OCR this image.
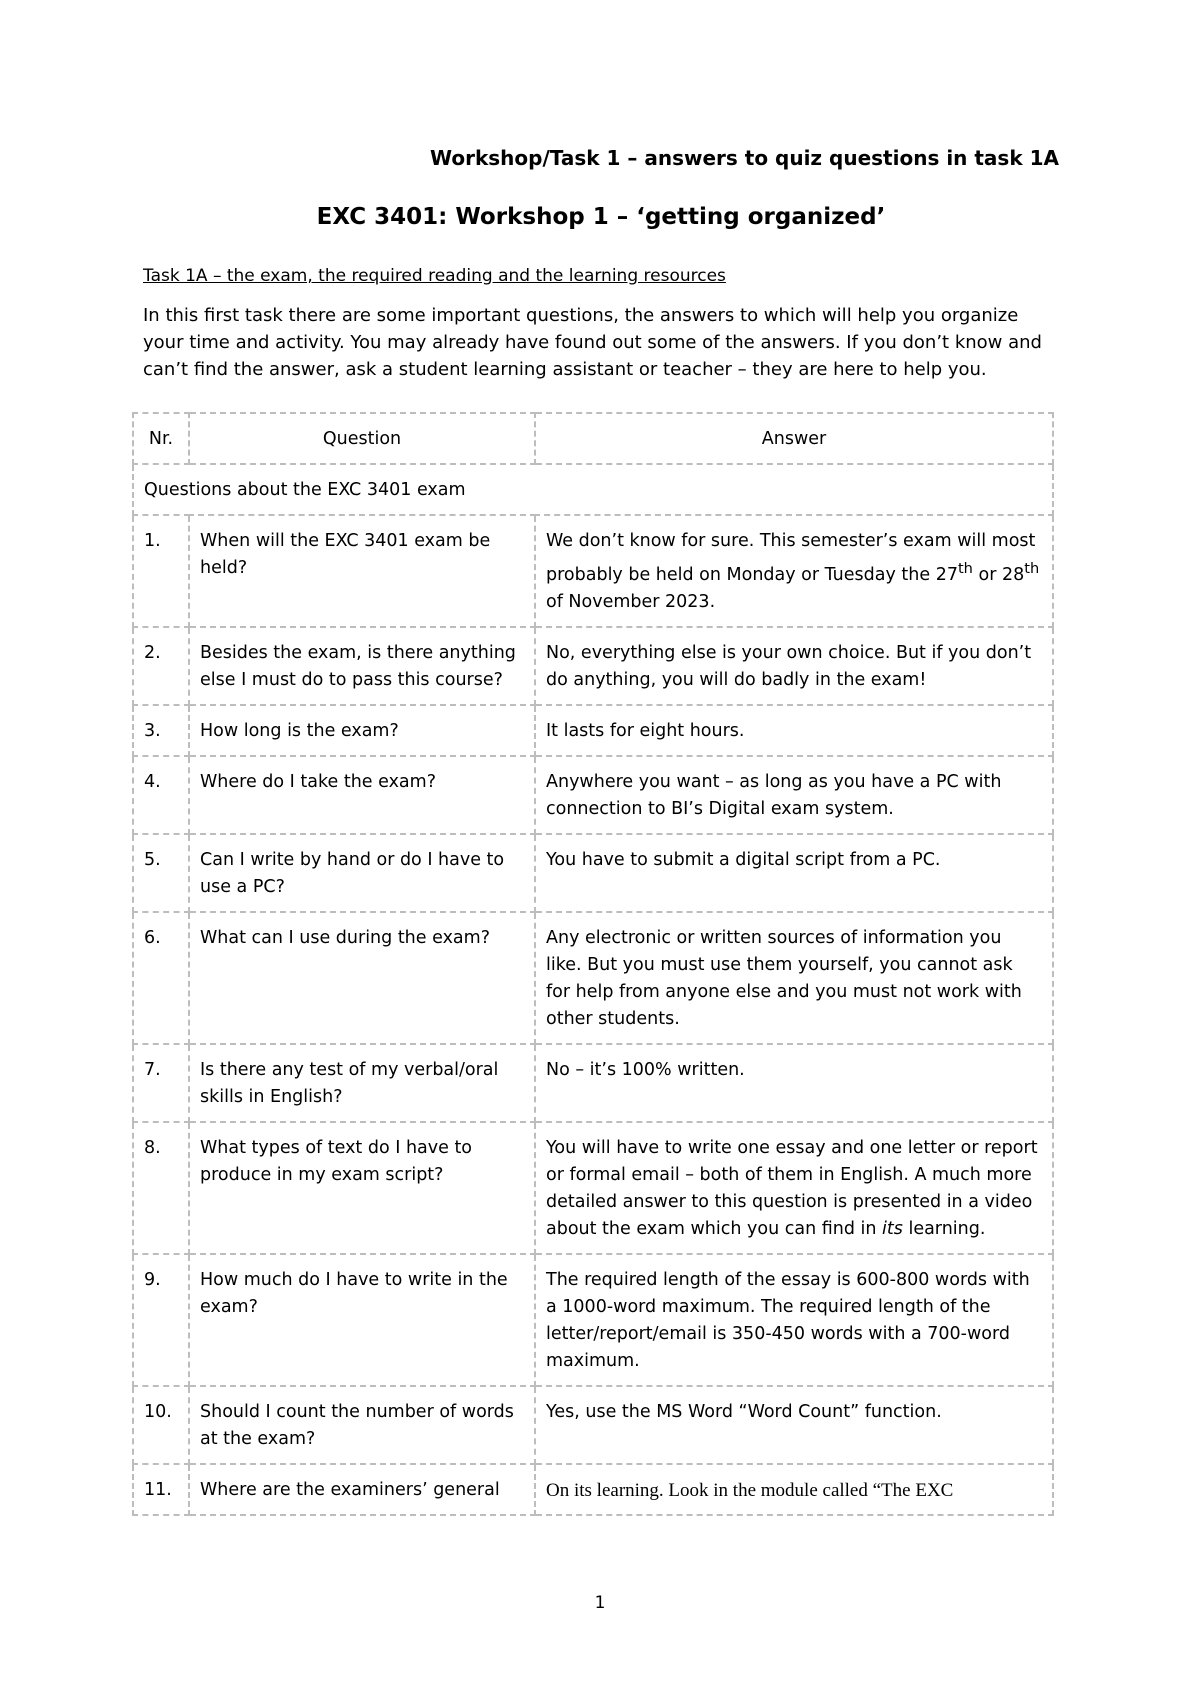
Workshop/Task 1 – answers to quiz questions in task 1A
EXC 3401: Workshop 1 – ‘getting organized’
Task 1A – the exam, the required reading and the learning resources

In this first task there are some important questions, the answers to which will help you organize your time and activity. You may already have found out some of the answers. If you don’t know and can’t find the answer, ask a student learning assistant or teacher – they are here to help you.

Nr.	Question	Answer
Questions about the EXC 3401 exam		
1.	When will the EXC 3401 exam be held?	We don’t know for sure. This semester’s exam will most probably be held on Monday or Tuesday the 27th or 28th of November 2023.
2.	Besides the exam, is there anything else I must do to pass this course?	No, everything else is your own choice. But if you don’t do anything, you will do badly in the exam!
3.	How long is the exam?	It lasts for eight hours.
4.	Where do I take the exam?	Anywhere you want – as long as you have a PC with connection to BI’s Digital exam system.
5.	Can I write by hand or do I have to use a PC?	You have to submit a digital script from a PC.
6.	What can I use during the exam?	Any electronic or written sources of information you like. But you must use them yourself, you cannot ask for help from anyone else and you must not work with other students.
7.	Is there any test of my verbal/oral skills in English?	No – it’s 100% written.
8.	What types of text do I have to produce in my exam script?	You will have to write one essay and one letter or report or formal email – both of them in English. A much more detailed answer to this question is presented in a video about the exam which you can find in its learning.
9.	How much do I have to write in the exam?	The required length of the essay is 600-800 words with a 1000-word maximum. The required length of the letter/report/email is 350-450 words with a 700-word maximum.
10.	Should I count the number of words at the exam?	Yes, use the MS Word “Word Count” function.
11.	Where are the examiners’ general	On its learning. Look in the module called “The EXC
1
